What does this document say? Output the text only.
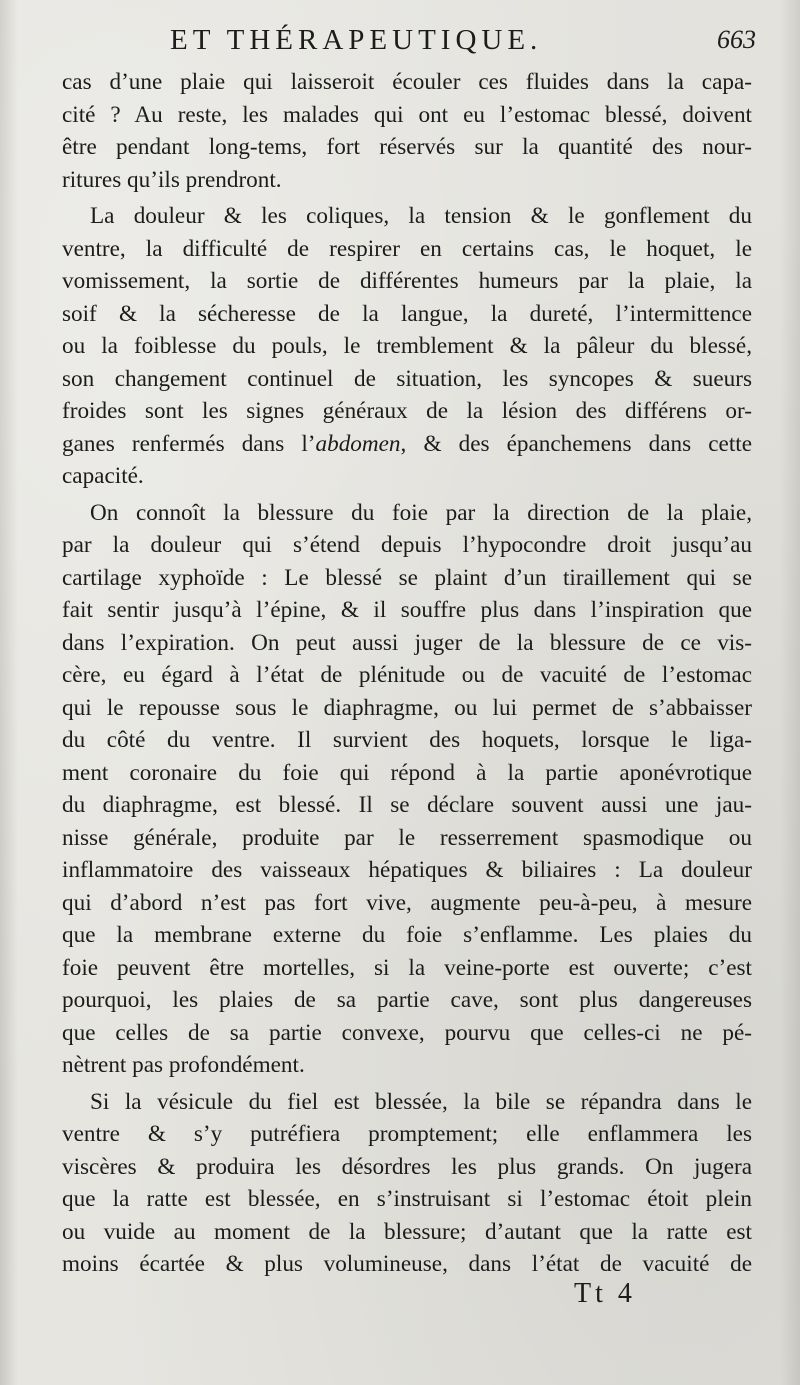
ET THÉRAPEUTIQUE.	663

cas d’une plaie qui laisseroit écouler ces fluides dans la capa-
cité ? Au reste, les malades qui ont eu l’estomac blessé, doivent
être pendant long-tems, fort réservés sur la quantité des nour-
ritures qu’ils prendront.

La douleur & les coliques, la tension & le gonflement du
ventre, la difficulté de respirer en certains cas, le hoquet, le
vomissement, la sortie de différentes humeurs par la plaie, la
soif & la sécheresse de la langue, la dureté, l’intermittence
ou la foiblesse du pouls, le tremblement & la pâleur du blessé,
son changement continuel de situation, les syncopes & sueurs
froides sont les signes généraux de la lésion des différens or-
ganes renfermés dans l’abdomen, & des épanchemens dans cette
capacité.

On connoît la blessure du foie par la direction de la plaie,
par la douleur qui s’étend depuis l’hypocondre droit jusqu’au
cartilage xyphoïde : Le blessé se plaint d’un tiraillement qui se
fait sentir jusqu’à l’épine, & il souffre plus dans l’inspiration que
dans l’expiration. On peut aussi juger de la blessure de ce vis-
cère, eu égard à l’état de plénitude ou de vacuité de l’estomac
qui le repousse sous le diaphragme, ou lui permet de s’abbaisser
du côté du ventre. Il survient des hoquets, lorsque le liga-
ment coronaire du foie qui répond à la partie aponévrotique
du diaphragme, est blessé. Il se déclare souvent aussi une jau-
nisse générale, produite par le resserrement spasmodique ou
inflammatoire des vaisseaux hépatiques & biliaires : La douleur
qui d’abord n’est pas fort vive, augmente peu-à-peu, à mesure
que la membrane externe du foie s’enflamme. Les plaies du
foie peuvent être mortelles, si la veine-porte est ouverte; c’est
pourquoi, les plaies de sa partie cave, sont plus dangereuses
que celles de sa partie convexe, pourvu que celles-ci ne pé-
nètrent pas profondément.

Si la vésicule du fiel est blessée, la bile se répandra dans le
ventre & s’y putréfiera promptement; elle enflammera les
viscères & produira les désordres les plus grands. On jugera
que la ratte est blessée, en s’instruisant si l’estomac étoit plein
ou vuide au moment de la blessure; d’autant que la ratte est
moins écartée & plus volumineuse, dans l’état de vacuité de

Tt 4
